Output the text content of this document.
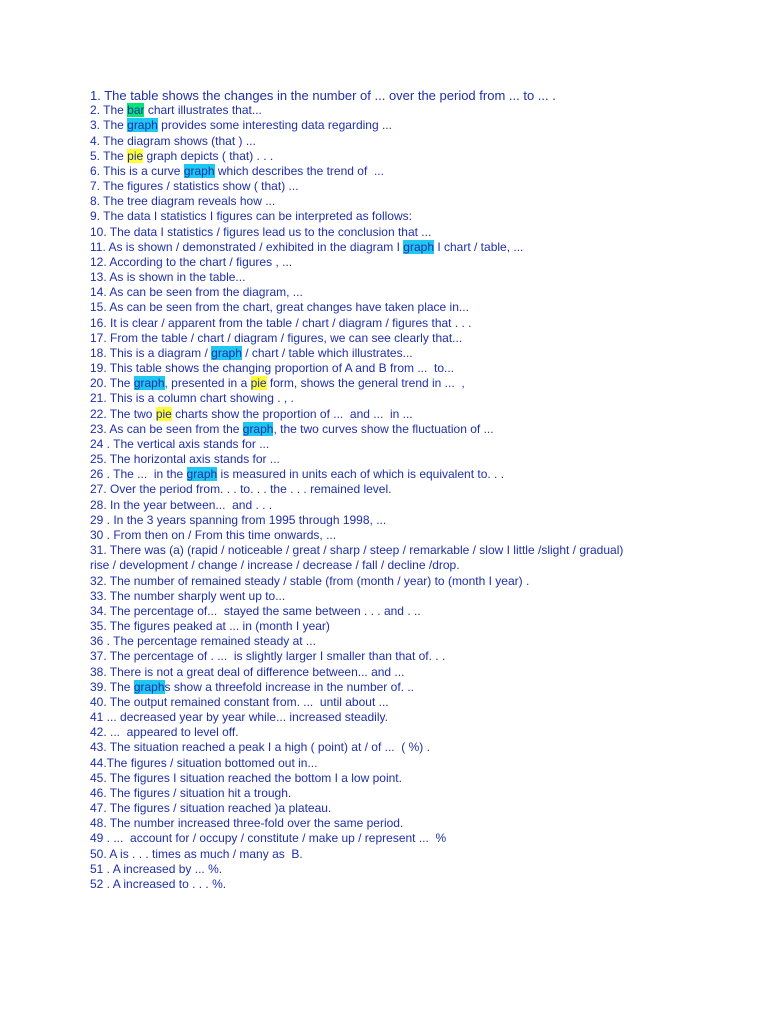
1. The table shows the changes in the number of ... over the period from ... to ... .
2. The bar chart illustrates that...
3. The graph provides some interesting data regarding ...
4. The diagram shows (that ) ...
5. The pie graph depicts ( that) . . .
6. This is a curve graph which describes the trend of  ...
7. The figures / statistics show ( that) ...
8. The tree diagram reveals how ...
9. The data I statistics I figures can be interpreted as follows:
10. The data I statistics / figures lead us to the conclusion that ...
11. As is shown / demonstrated / exhibited in the diagram I graph I chart / table, ...
12. According to the chart / figures , ...
13. As is shown in the table...
14. As can be seen from the diagram, ...
15. As can be seen from the chart, great changes have taken place in...
16. It is clear / apparent from the table / chart / diagram / figures that . . .
17. From the table / chart / diagram / figures, we can see clearly that...
18. This is a diagram / graph / chart / table which illustrates...
19. This table shows the changing proportion of A and B from ...  to...
20. The graph, presented in a pie form, shows the general trend in ...  ,
21. This is a column chart showing . , .
22. The two pie charts show the proportion of ...  and ...  in ...
23. As can be seen from the graph, the two curves show the fluctuation of ...
24 . The vertical axis stands for ...
25. The horizontal axis stands for ...
26 . The ...  in the graph is measured in units each of which is equivalent to. . .
27. Over the period from. . . to. . . the . . . remained level.
28. In the year between...  and . . .
29 . In the 3 years spanning from 1995 through 1998, ...
30 . From then on / From this time onwards, ...
31. There was (a) (rapid / noticeable / great / sharp / steep / remarkable / slow I little /slight / gradual)
rise / development / change / increase / decrease / fall / decline /drop.
32. The number of remained steady / stable (from (month / year) to (month I year) .
33. The number sharply went up to...
34. The percentage of...  stayed the same between . . . and . ..
35. The figures peaked at ... in (month I year)
36 . The percentage remained steady at ...
37. The percentage of . ...  is slightly larger I smaller than that of. . .
38. There is not a great deal of difference between... and ...
39. The graphs show a threefold increase in the number of. ..
40. The output remained constant from. ...  until about ...
41 ... decreased year by year while... increased steadily.
42. ...  appeared to level off.
43. The situation reached a peak I a high ( point) at / of ...  ( %) .
44.The figures / situation bottomed out in...
45. The figures I situation reached the bottom I a low point.
46. The figures / situation hit a trough.
47. The figures / situation reached )a plateau.
48. The number increased three-fold over the same period.
49 . ...  account for / occupy / constitute / make up / represent ...  %
50. A is . . . times as much / many as  B.
51 . A increased by ... %.
52 . A increased to . . . %.
